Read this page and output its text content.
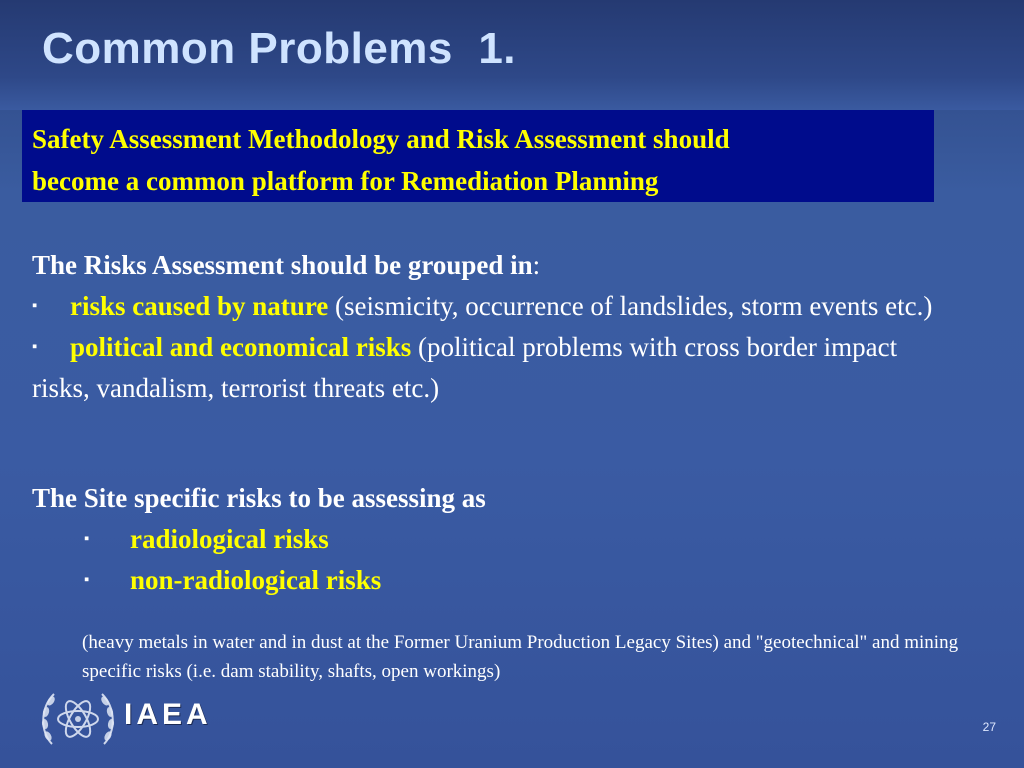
Common Problems  1.

Safety Assessment Methodology and Risk Assessment should

become a common platform for Remediation Planning

The Risks Assessment should be grouped in:

▪ risks caused by nature (seismicity, occurrence of landslides, storm events etc.)

▪ political and economical risks (political problems with cross border impact risks, vandalism, terrorist threats etc.)

The Site specific risks to be assessing as

▪ radiological risks

▪ non-radiological risks

(heavy metals in water and in dust at the Former Uranium Production Legacy Sites) and "geotechnical" and mining specific risks (i.e. dam stability, shafts, open workings)

IAEA	27
